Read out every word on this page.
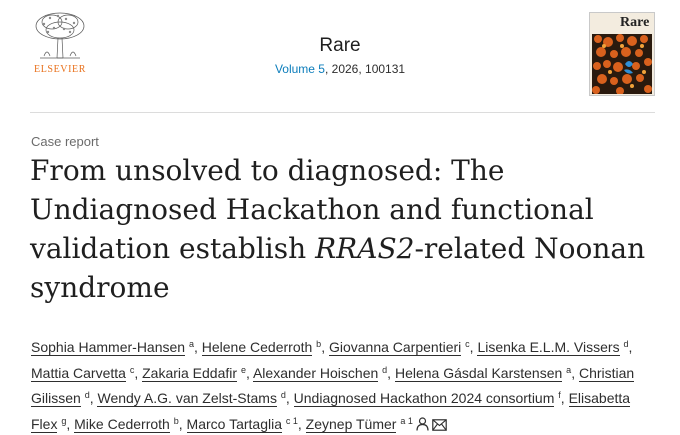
ELSEVIER
Rare
Volume 5, 2026, 100131
Rare
Case report
From unsolved to diagnosed: The Undiagnosed Hackathon and functional validation establish RRAS2-related Noonan syndrome
Sophia Hammer-Hansen $^a$, Helene Cederroth $^b$, Giovanna Carpentieri $^c$, Lisenka E.L.M. Vissers $^d$, Mattia Carvetta $^c$, Zakaria Eddafir $^e$, Alexander Hoischen $^d$, Helena Gásdal Karstensen $^a$, Christian Gilissen $^d$, Wendy A.G. van Zelst-Stams $^d$, Undiagnosed Hackathon 2024 consortium $^f$, Elisabetta Flex $^g$, Mike Cederroth $^b$, Marco Tartaglia $^{c 1}$, Zeynep Tümer $^{a 1}$
